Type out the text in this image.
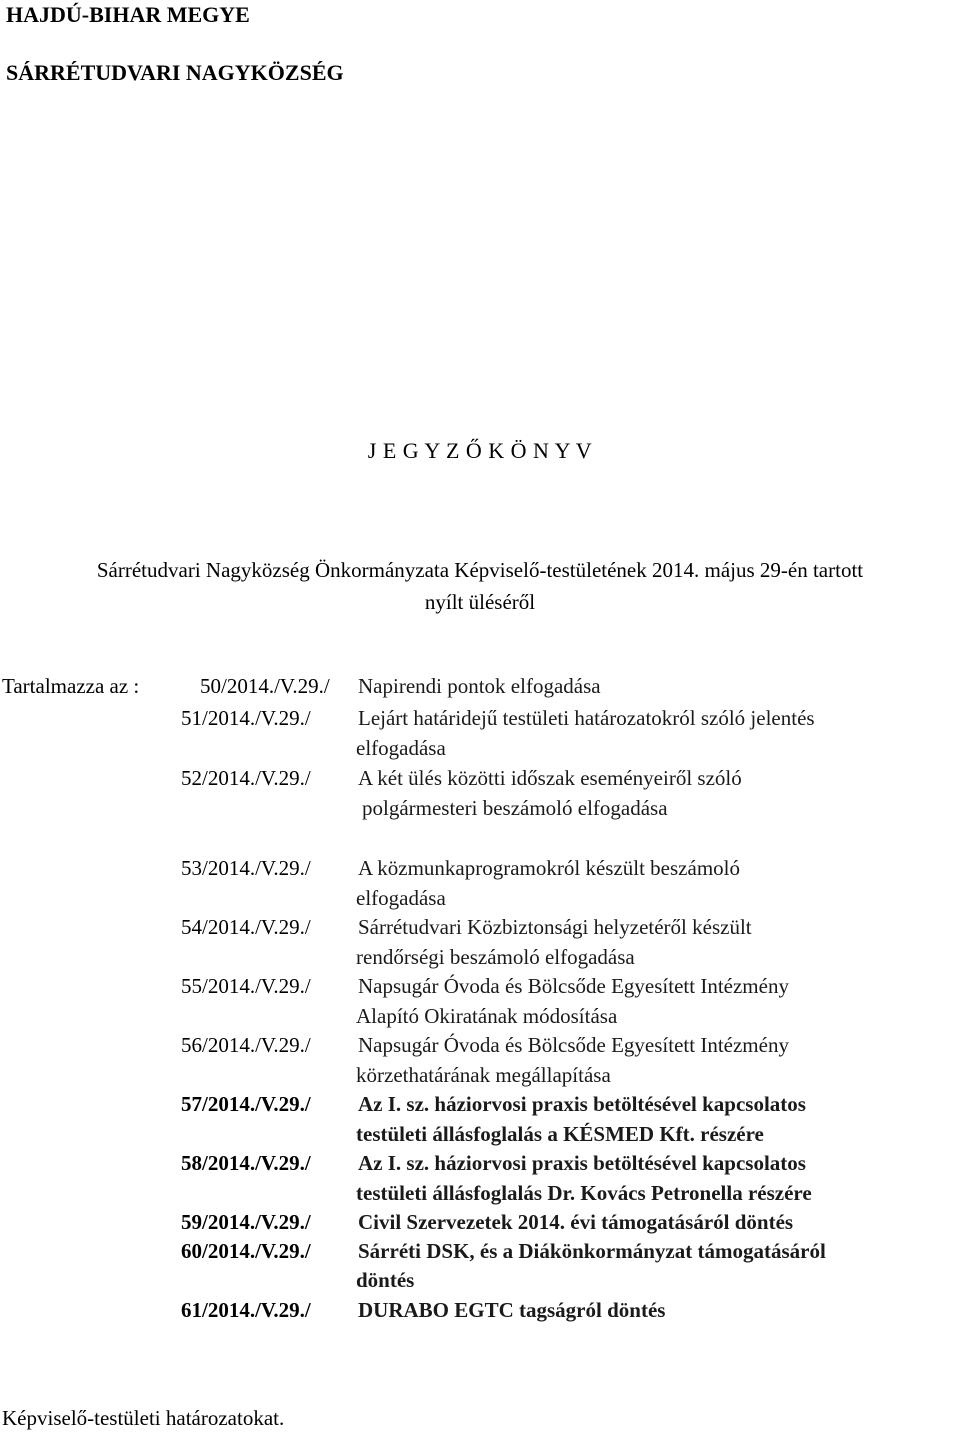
HAJDÚ-BIHAR MEGYE
SÁRRÉTUDVARI NAGYKÖZSÉG
J E G Y Z Ő K Ö N Y V
Sárrétudvari Nagyközség Önkormányzata Képviselő-testületének 2014. május 29-én tartott
nyílt üléséről
Tartalmazza az :	50/2014./V.29./ Napirendi pontok elfogadása
51/2014./V.29./ Lejárt határidejű testületi határozatokról szóló jelentés
elfogadása
52/2014./V.29./ A két ülés közötti időszak eseményeiről szóló
polgármesteri beszámoló elfogadása
53/2014./V.29./ A közmunkaprogramokról készült beszámoló
elfogadása
54/2014./V.29./ Sárrétudvari Közbiztonsági helyzetéről készült
rendőrségi beszámoló elfogadása
55/2014./V.29./ Napsugár Óvoda és Bölcsőde Egyesített Intézmény
Alapító Okiratának módosítása
56/2014./V.29./ Napsugár Óvoda és Bölcsőde Egyesített Intézmény
körzethatárának megállapítása
57/2014./V.29./ Az I. sz. háziorvosi praxis betöltésével kapcsolatos
testületi állásfoglalás a KÉSMED Kft. részére
58/2014./V.29./ Az I. sz. háziorvosi praxis betöltésével kapcsolatos
testületi állásfoglalás Dr. Kovács Petronella részére
59/2014./V.29./ Civil Szervezetek 2014. évi támogatásáról döntés
60/2014./V.29./ Sárréti DSK, és a Diákönkormányzat támogatásáról
döntés
61/2014./V.29./ DURABO EGTC tagságról döntés
Képviselő-testületi határozatokat.
